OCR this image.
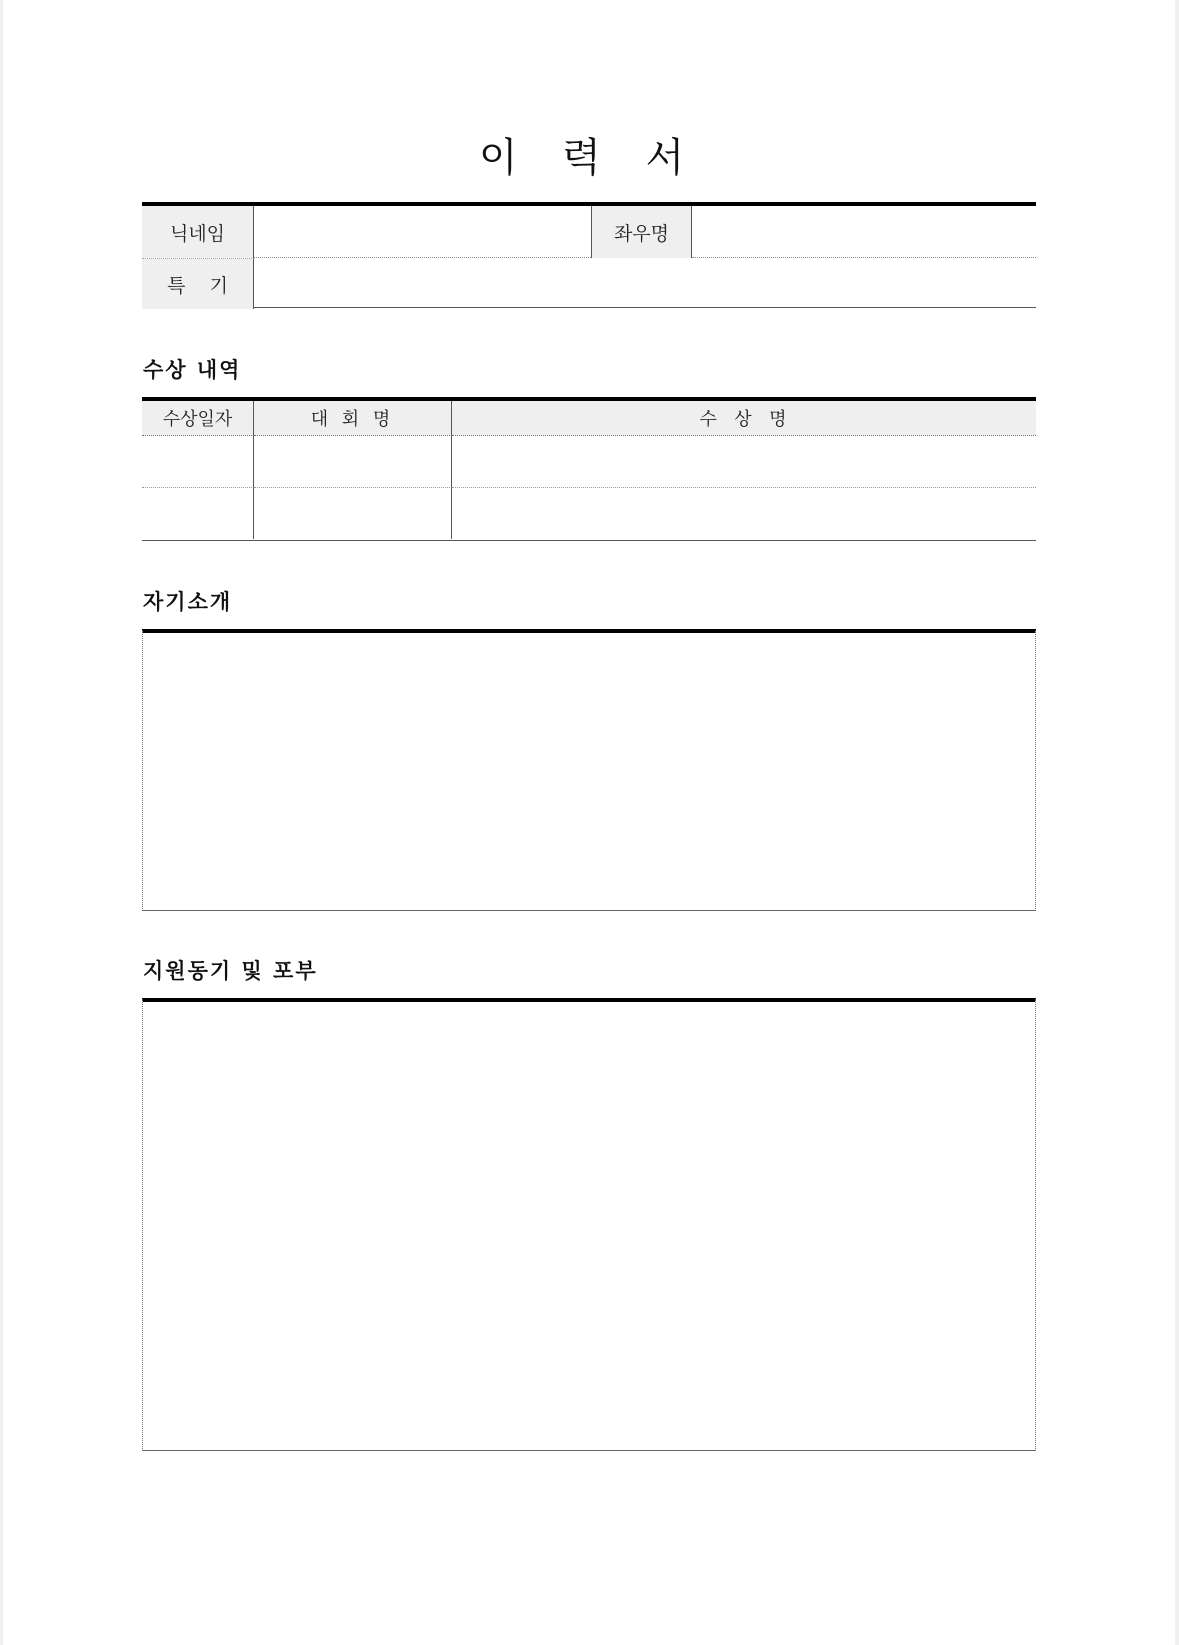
이 력 서
닉네임	좌우명
특    기
수상 내역
수상일자	대 회 명	수  상  명
자기소개
지원동기 및 포부
